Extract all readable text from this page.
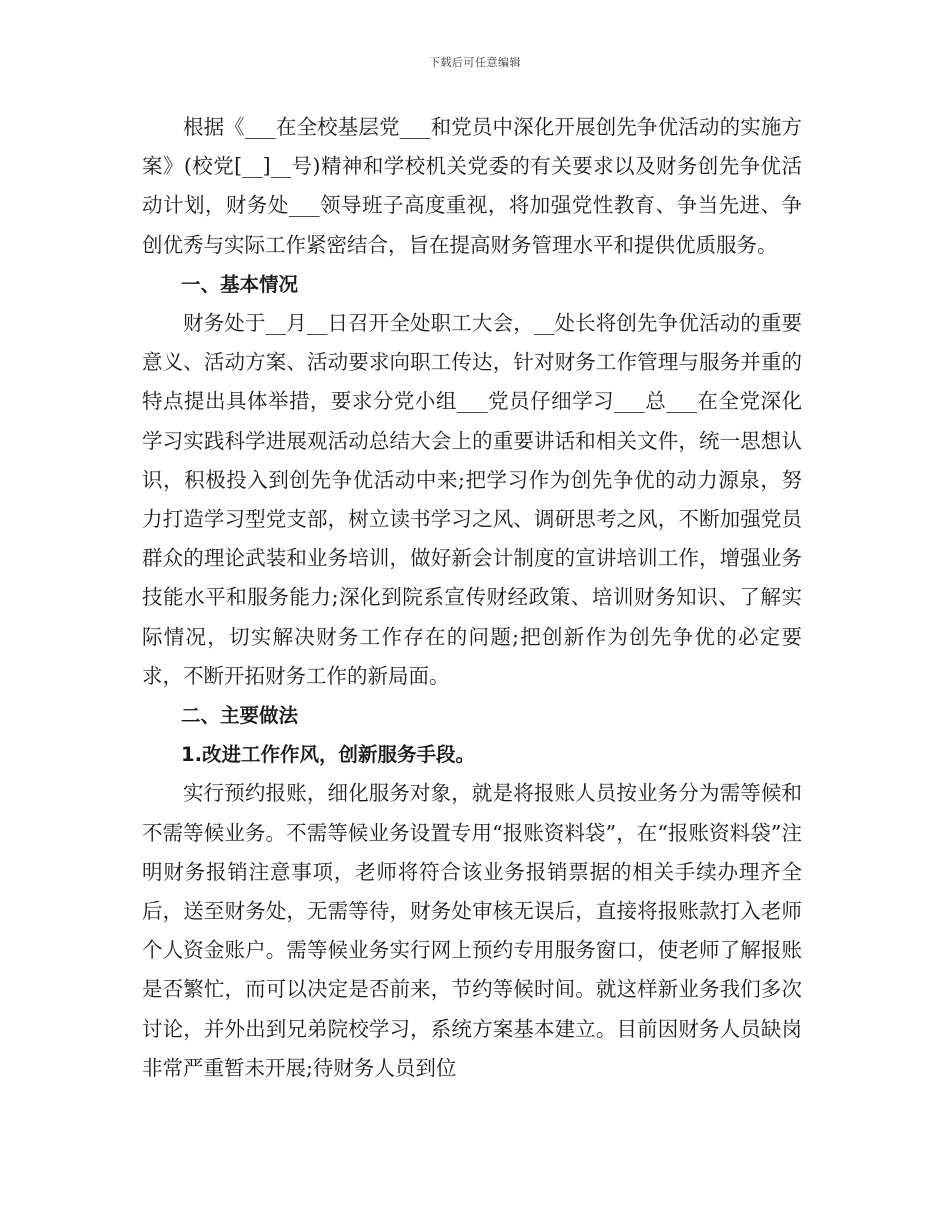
下载后可任意编辑

根据《___在全校基层党___和党员中深化开展创先争优活动的实施方案》(校党[__]__号)精神和学校机关党委的有关要求以及财务创先争优活动计划，财务处___领导班子高度重视，将加强党性教育、争当先进、争创优秀与实际工作紧密结合，旨在提高财务管理水平和提供优质服务。

一、基本情况

财务处于__月__日召开全处职工大会，__处长将创先争优活动的重要意义、活动方案、活动要求向职工传达，针对财务工作管理与服务并重的特点提出具体举措，要求分党小组___党员仔细学习___总___在全党深化学习实践科学进展观活动总结大会上的重要讲话和相关文件，统一思想认识，积极投入到创先争优活动中来;把学习作为创先争优的动力源泉，努力打造学习型党支部，树立读书学习之风、调研思考之风，不断加强党员群众的理论武装和业务培训，做好新会计制度的宣讲培训工作，增强业务技能水平和服务能力;深化到院系宣传财经政策、培训财务知识、了解实际情况，切实解决财务工作存在的问题;把创新作为创先争优的必定要求，不断开拓财务工作的新局面。

二、主要做法

1.改进工作作风，创新服务手段。

实行预约报账，细化服务对象，就是将报账人员按业务分为需等候和不需等候业务。不需等候业务设置专用“报账资料袋”，在“报账资料袋”注明财务报销注意事项，老师将符合该业务报销票据的相关手续办理齐全后，送至财务处，无需等待，财务处审核无误后，直接将报账款打入老师个人资金账户。需等候业务实行网上预约专用服务窗口，使老师了解报账是否繁忙，而可以决定是否前来，节约等候时间。就这样新业务我们多次讨论，并外出到兄弟院校学习，系统方案基本建立。目前因财务人员缺岗非常严重暂未开展;待财务人员到位
